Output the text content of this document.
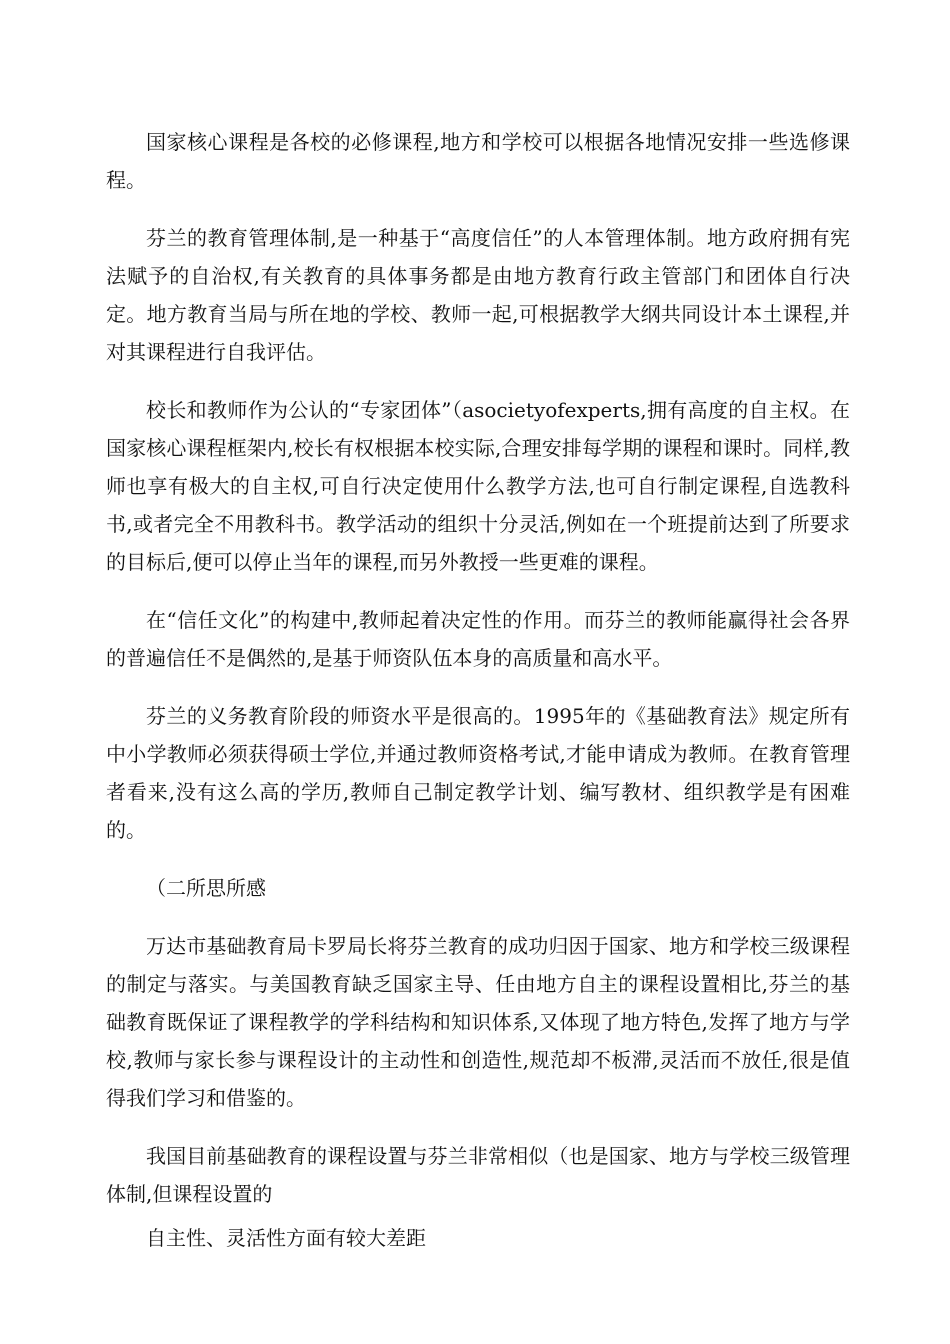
国家核心课程是各校的必修课程,地方和学校可以根据各地情况安排一些选修课程。

芬兰的教育管理体制,是一种基于“高度信任”的人本管理体制。地方政府拥有宪法赋予的自治权,有关教育的具体事务都是由地方教育行政主管部门和团体自行决定。地方教育当局与所在地的学校、教师一起,可根据教学大纲共同设计本土课程,并对其课程进行自我评估。

校长和教师作为公认的“专家团体”（asocietyofexperts,拥有高度的自主权。在国家核心课程框架内,校长有权根据本校实际,合理安排每学期的课程和课时。同样,教师也享有极大的自主权,可自行决定使用什么教学方法,也可自行制定课程,自选教科书,或者完全不用教科书。教学活动的组织十分灵活,例如在一个班提前达到了所要求的目标后,便可以停止当年的课程,而另外教授一些更难的课程。

在“信任文化”的构建中,教师起着决定性的作用。而芬兰的教师能赢得社会各界的普遍信任不是偶然的,是基于师资队伍本身的高质量和高水平。

芬兰的义务教育阶段的师资水平是很高的。1995年的《基础教育法》规定所有中小学教师必须获得硕士学位,并通过教师资格考试,才能申请成为教师。在教育管理者看来,没有这么高的学历,教师自己制定教学计划、编写教材、组织教学是有困难的。

（二所思所感

万达市基础教育局卡罗局长将芬兰教育的成功归因于国家、地方和学校三级课程的制定与落实。与美国教育缺乏国家主导、任由地方自主的课程设置相比,芬兰的基础教育既保证了课程教学的学科结构和知识体系,又体现了地方特色,发挥了地方与学校,教师与家长参与课程设计的主动性和创造性,规范却不板滞,灵活而不放任,很是值得我们学习和借鉴的。

我国目前基础教育的课程设置与芬兰非常相似（也是国家、地方与学校三级管理体制,但课程设置的

自主性、灵活性方面有较大差距
